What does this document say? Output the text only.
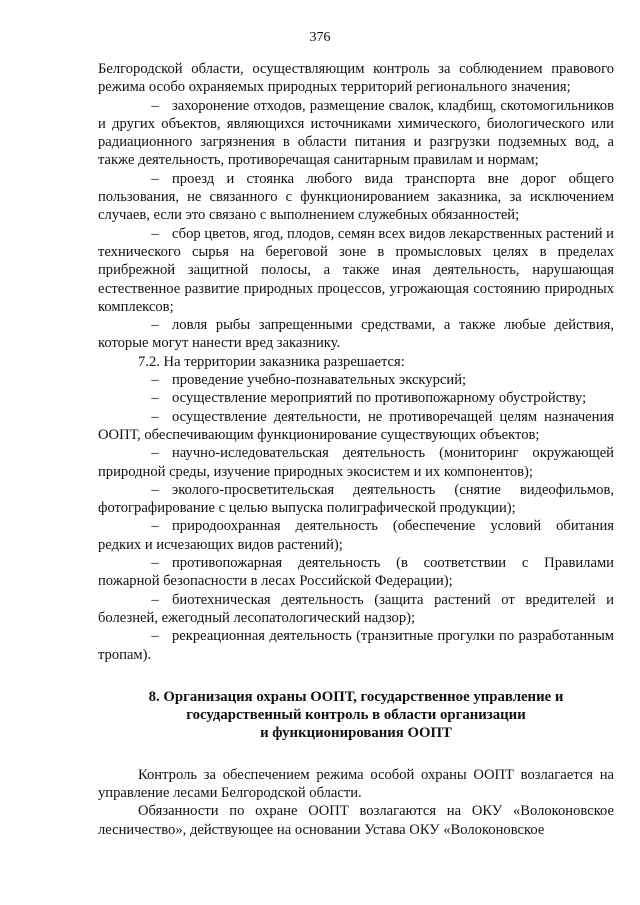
376

Белгородской области, осуществляющим контроль за соблюдением правового режима особо охраняемых природных территорий регионального значения;

– захоронение отходов, размещение свалок, кладбищ, скотомогильников и других объектов, являющихся источниками химического, биологического или радиационного загрязнения в области питания и разгрузки подземных вод, а также деятельность, противоречащая санитарным правилам и нормам;

– проезд и стоянка любого вида транспорта вне дорог общего пользования, не связанного с функционированием заказника, за исключением случаев, если это связано с выполнением служебных обязанностей;

– сбор цветов, ягод, плодов, семян всех видов лекарственных растений и технического сырья на береговой зоне в промысловых целях в пределах прибрежной защитной полосы, а также иная деятельность, нарушающая естественное развитие природных процессов, угрожающая состоянию природных комплексов;

– ловля рыбы запрещенными средствами, а также любые действия, которые могут нанести вред заказнику.

7.2. На территории заказника разрешается:

– проведение учебно-познавательных экскурсий;

– осуществление мероприятий по противопожарному обустройству;

– осуществление деятельности, не противоречащей целям назначения ООПТ, обеспечивающим функционирование существующих объектов;

– научно-иследовательская деятельность (мониторинг окружающей природной среды, изучение природных экосистем и их компонентов);

– эколого-просветительская деятельность (снятие видеофильмов, фотографирование с целью выпуска полиграфической продукции);

– природоохранная деятельность (обеспечение условий обитания редких и исчезающих видов растений);

– противопожарная деятельность (в соответствии с Правилами пожарной безопасности в лесах Российской Федерации);

– биотехническая деятельность (защита растений от вредителей и болезней, ежегодный лесопатологический надзор);

– рекреационная деятельность (транзитные прогулки по разработанным тропам).

8. Организация охраны ООПТ, государственное управление и

государственный контроль в области организации

и функционирования ООПТ

Контроль за обеспечением режима особой охраны ООПТ возлагается на управление лесами Белгородской области.

Обязанности по охране ООПТ возлагаются на ОКУ «Волоконовское лесничество», действующее на основании Устава ОКУ «Волоконовское
